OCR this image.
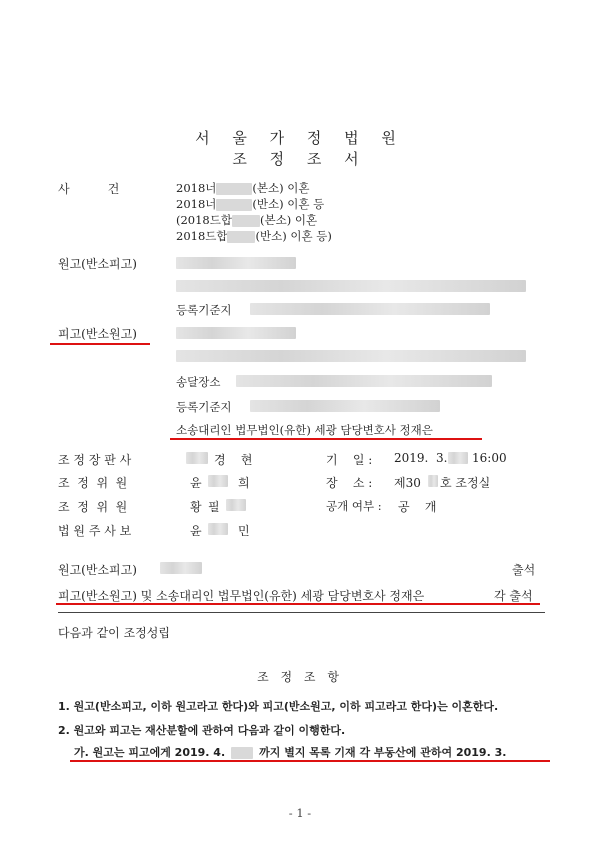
서 울 가 정 법 원
조 정 조 서
사          건	2018너	(본소) 이혼
2018너	(반소) 이혼 등
(2018드합 (본소) 이혼
2018드합 (반소) 이혼 등)
원고(반소피고)
등록기준지
피고(반소원고)
송달장소
등록기준지
소송대리인 법무법인(유한) 세광 담당변호사 정재은
조 정 장 판 사	경    현
조  정  위  원	윤	희
조  정  위  원	황 필
법 원 주 사 보	윤	민
기    일 : 2019.  3. 16:00
장    소 : 제30 호 조정실
공개 여부 : 공    개
원고(반소피고)	출석
피고(반소원고) 및 소송대리인 법무법인(유한) 세광 담당변호사 정재은	각 출석
다음과 같이 조정성립
조 정 조 항
1. 원고(반소피고, 이하 원고라고 한다)와 피고(반소원고, 이하 피고라고 한다)는 이혼한다.
2. 원고와 피고는 재산분할에 관하여 다음과 같이 이행한다.
가. 원고는 피고에게 2019. 4.	까지 별지 목록 기재 각 부동산에 관하여 2019. 3.
- 1 -
